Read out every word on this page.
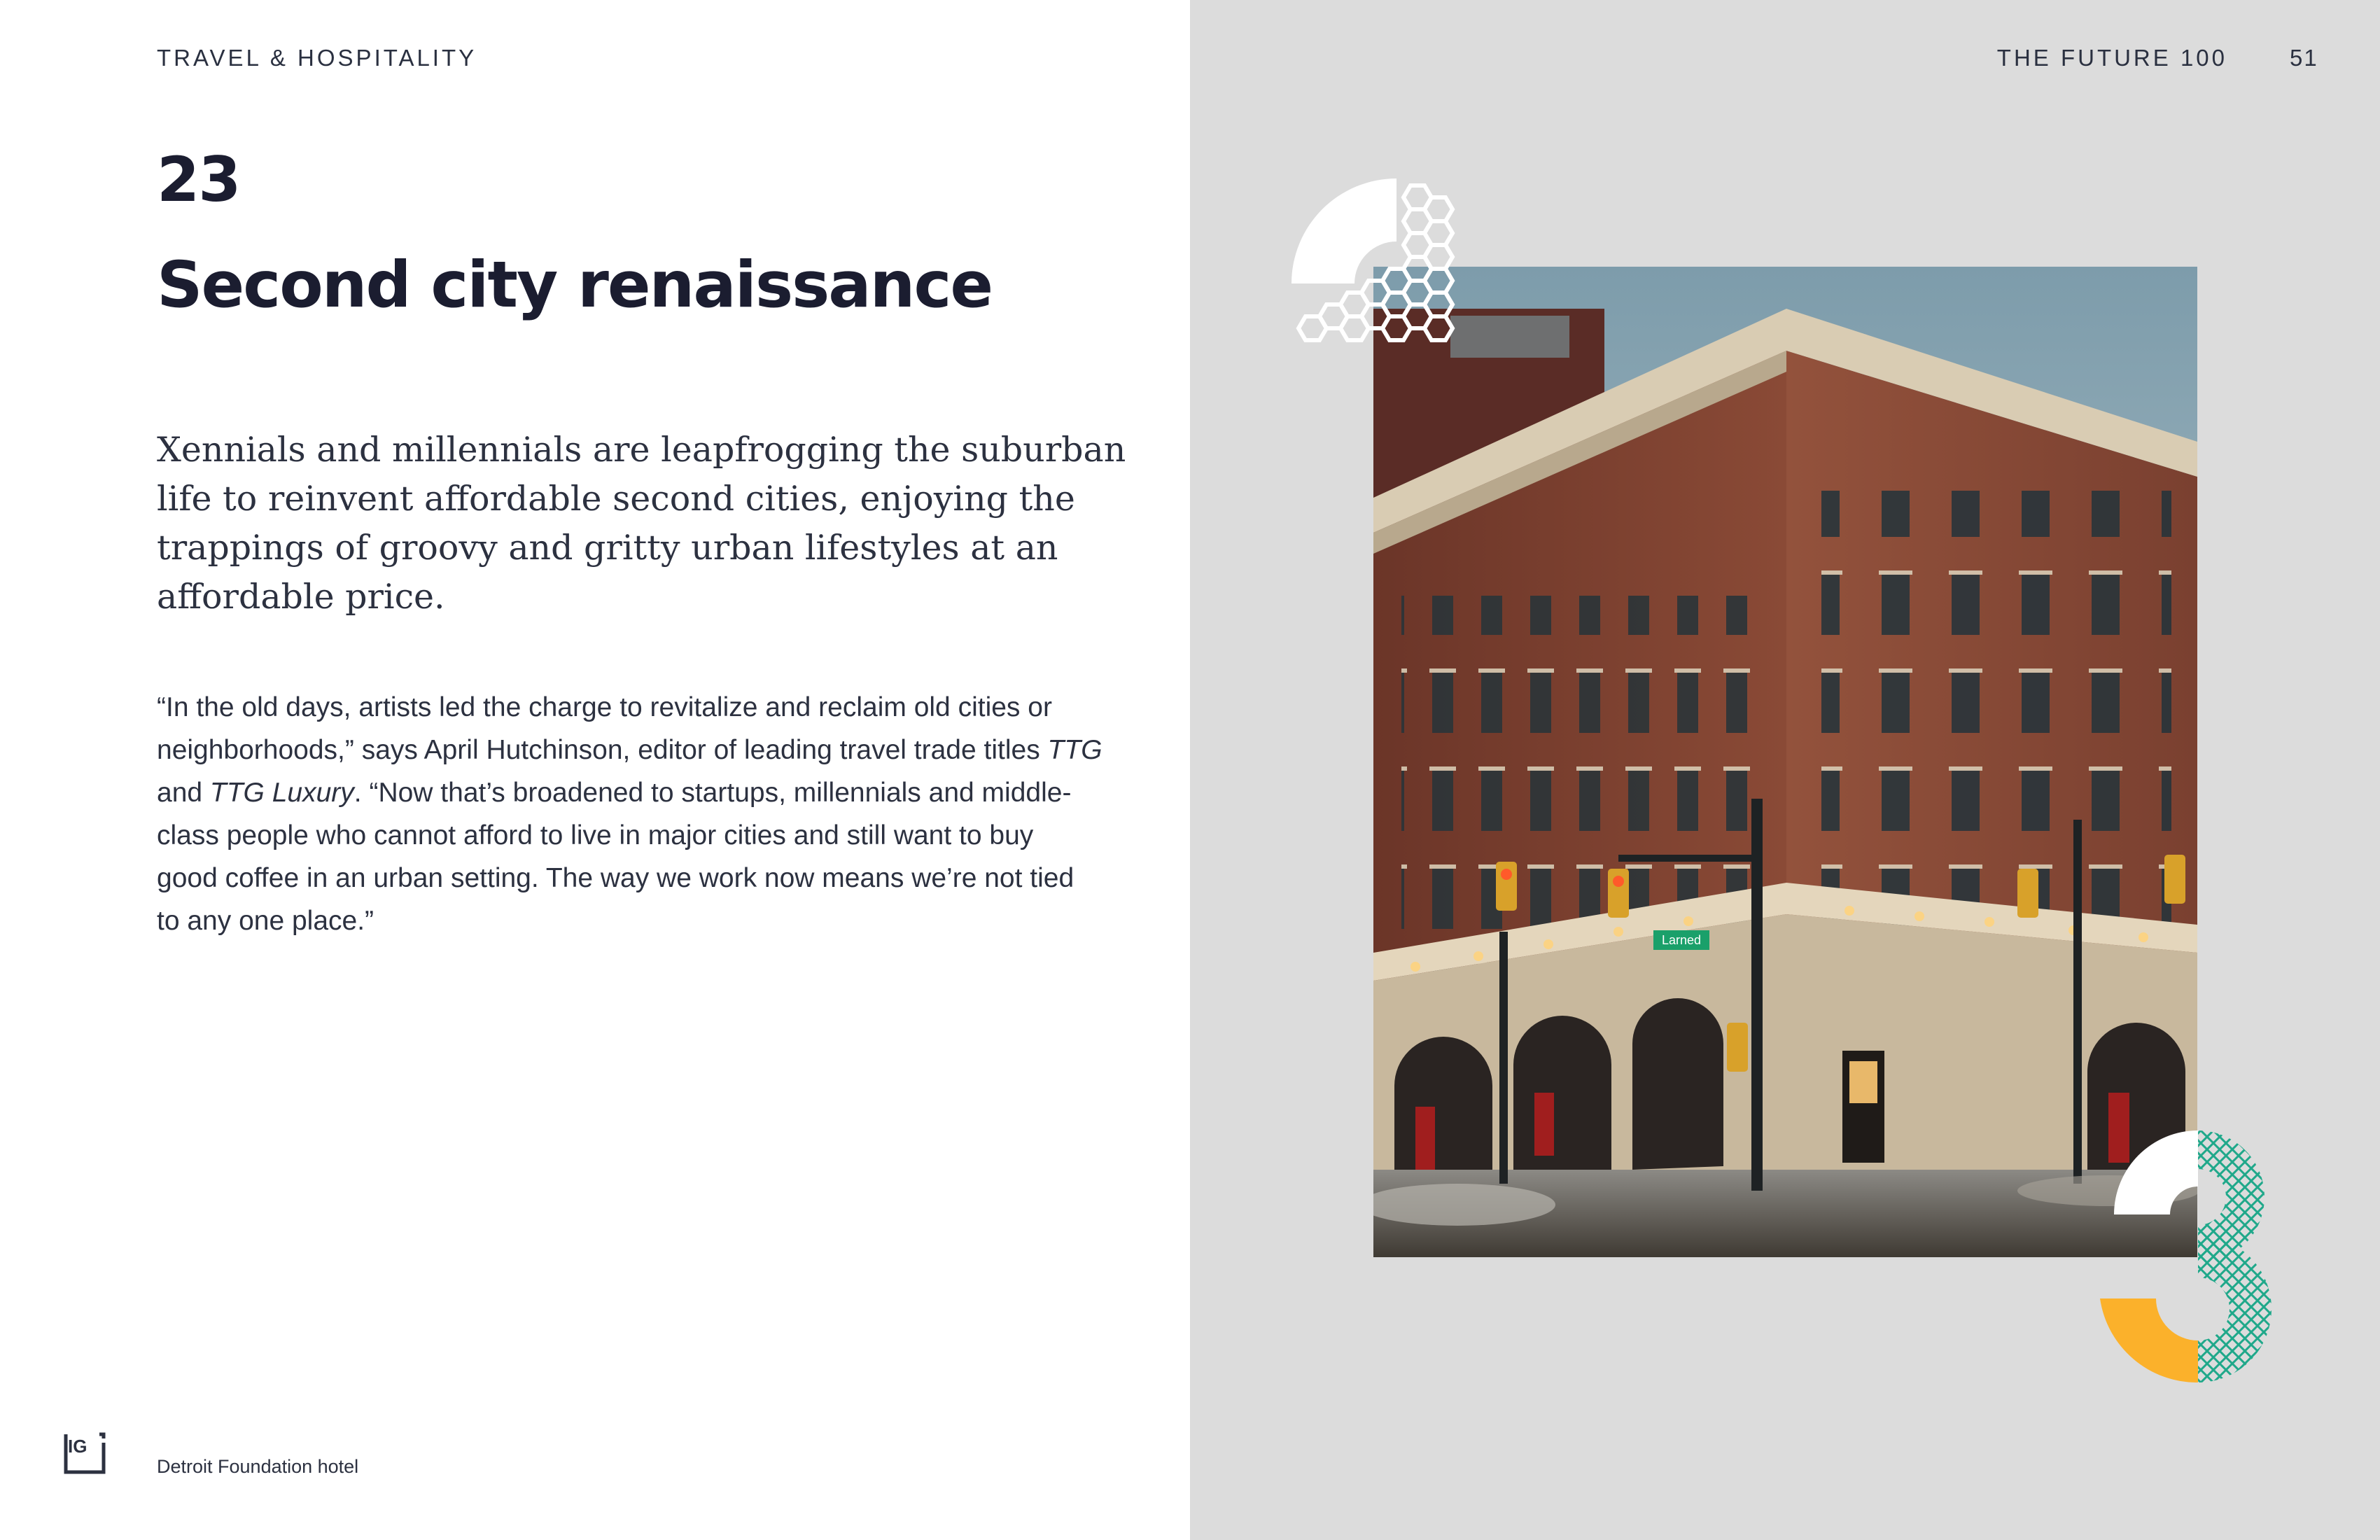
TRAVEL & HOSPITALITY	THE FUTURE 100	51
23
Second city renaissance
Xennials and millennials are leapfrogging the suburban
life to reinvent affordable second cities, enjoying the
trappings of groovy and gritty urban lifestyles at an
affordable price.
“In the old days, artists led the charge to revitalize and reclaim old cities or
neighborhoods,” says April Hutchinson, editor of leading travel trade titles TTG
and TTG Luxury. “Now that’s broadened to startups, millennials and middle-
class people who cannot afford to live in major cities and still want to buy
good coffee in an urban setting. The way we work now means we’re not tied
to any one place.”
IG
Detroit Foundation hotel
Larned
